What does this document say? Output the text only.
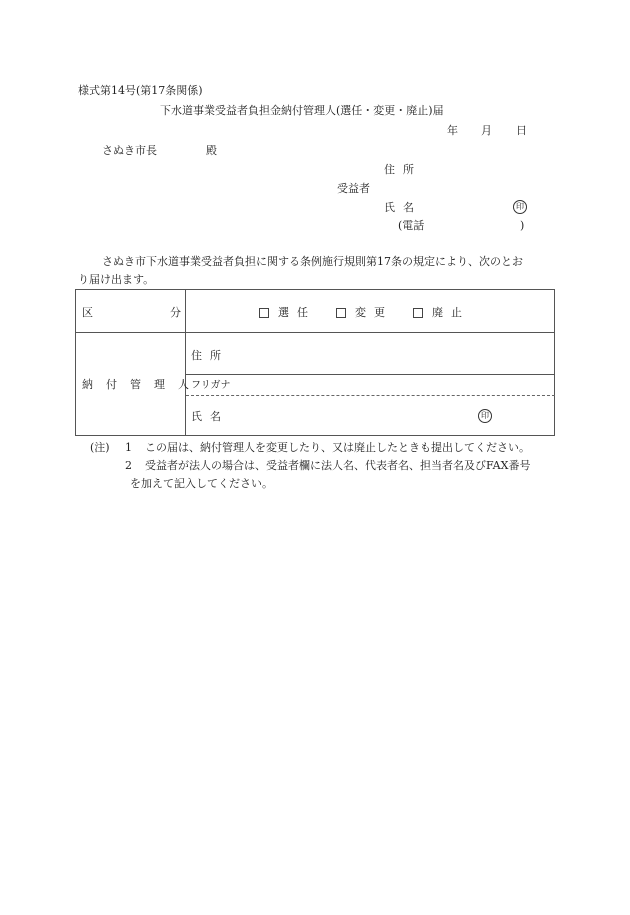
様式第14号(第17条関係)
下水道事業受益者負担金納付管理人(選任・変更・廃止)届
年 月 日
さぬき市長	殿
住所
受益者
氏名	印
(電話	)
さぬき市下水道事業受益者負担に関する条例施行規則第17条の規定により、次のとお
り届け出ます。
区	分	選任	変更	廃止
納付管理人
住所
フリガナ
氏名	印
(注) 1 この届は、納付管理人を変更したり、又は廃止したときも提出してください。
2 受益者が法人の場合は、受益者欄に法人名、代表者名、担当者名及びFAX番号
を加えて記入してください。
